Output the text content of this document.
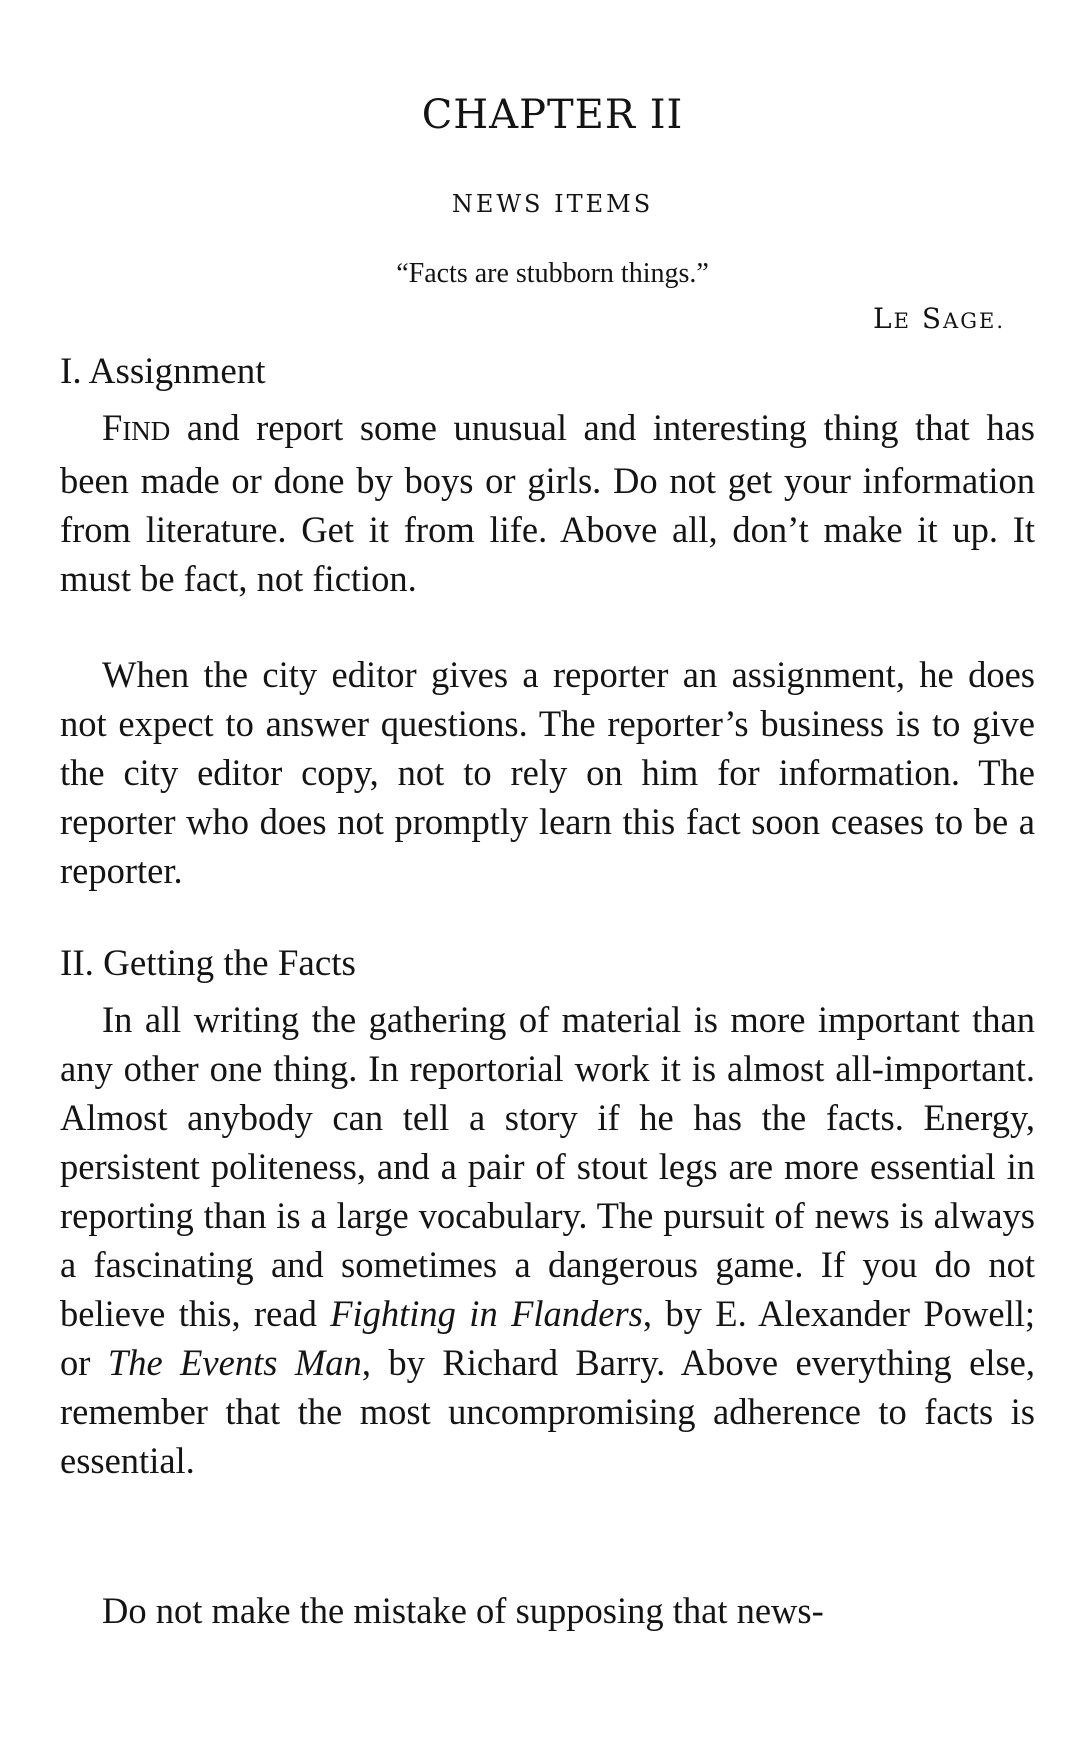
CHAPTER II
NEWS ITEMS

“Facts are stubborn things.”

LE SAGE.

I. Assignment

FIND and report some unusual and interesting thing that has been made or done by boys or girls. Do not get your information from literature. Get it from life. Above all, don’t make it up. It must be fact, not fiction.

When the city editor gives a reporter an assignment, he does not expect to answer questions. The reporter’s business is to give the city editor copy, not to rely on him for information. The reporter who does not promptly learn this fact soon ceases to be a reporter.

II. Getting the Facts

In all writing the gathering of material is more important than any other one thing. In reportorial work it is almost all-important. Almost anybody can tell a story if he has the facts. Energy, persistent politeness, and a pair of stout legs are more essential in reporting than is a large vocabulary. The pursuit of news is always a fascinating and sometimes a dangerous game. If you do not believe this, read Fighting in Flanders, by E. Alexander Powell; or The Events Man, by Richard Barry. Above everything else, remember that the most uncompromising adherence to facts is essential.

Do not make the mistake of supposing that news-
